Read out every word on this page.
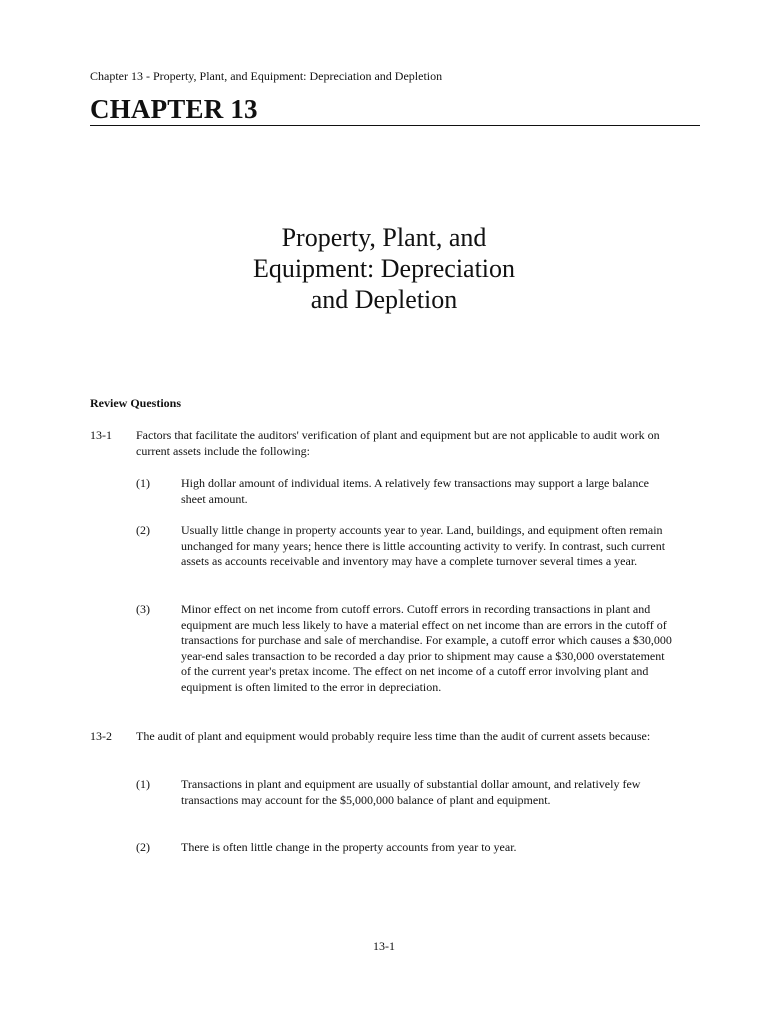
Chapter 13 - Property, Plant, and Equipment: Depreciation and Depletion
CHAPTER 13
Property, Plant, and
Equipment: Depreciation
and Depletion
Review Questions
13-1 Factors that facilitate the auditors' verification of plant and equipment but are not applicable to audit work on current assets include the following:
(1)	High dollar amount of individual items. A relatively few transactions may support a large balance sheet amount.
(2)	Usually little change in property accounts year to year. Land, buildings, and equipment often remain unchanged for many years; hence there is little accounting activity to verify. In contrast, such current assets as accounts receivable and inventory may have a complete turnover several times a year.
(3)	Minor effect on net income from cutoff errors. Cutoff errors in recording transactions in plant and equipment are much less likely to have a material effect on net income than are errors in the cutoff of transactions for purchase and sale of merchandise. For example, a cutoff error which causes a $30,000 year-end sales transaction to be recorded a day prior to shipment may cause a $30,000 overstatement of the current year's pretax income. The effect on net income of a cutoff error involving plant and equipment is often limited to the error in depreciation.
13-2 The audit of plant and equipment would probably require less time than the audit of current assets because:
(1)	Transactions in plant and equipment are usually of substantial dollar amount, and relatively few transactions may account for the $5,000,000 balance of plant and equipment.
(2)	There is often little change in the property accounts from year to year.
13-1
